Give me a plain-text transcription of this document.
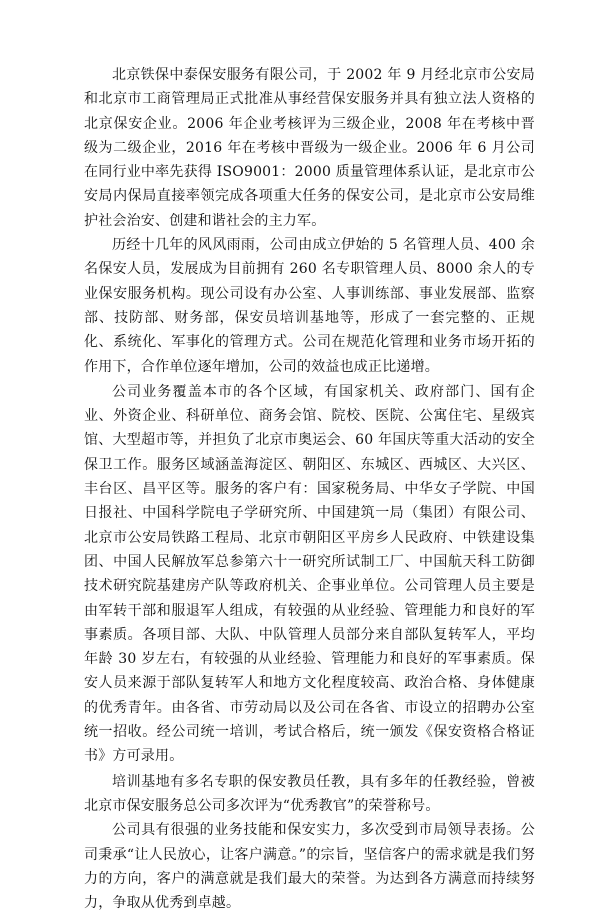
北京铁保中泰保安服务有限公司，于 2002 年 9 月经北京市公安局和北京市工商管理局正式批准从事经营保安服务并具有独立法人资格的北京保安企业。2006 年企业考核评为三级企业，2008 年在考核中晋级为二级企业，2016 年在考核中晋级为一级企业。2006 年 6 月公司在同行业中率先获得 ISO9001：2000 质量管理体系认证，是北京市公安局内保局直接率领完成各项重大任务的保安公司，是北京市公安局维护社会治安、创建和谐社会的主力军。

历经十几年的风风雨雨，公司由成立伊始的 5 名管理人员、400 余名保安人员，发展成为目前拥有 260 名专职管理人员、8000 余人的专业保安服务机构。现公司设有办公室、人事训练部、事业发展部、监察部、技防部、财务部，保安员培训基地等，形成了一套完整的、正规化、系统化、军事化的管理方式。公司在规范化管理和业务市场开拓的作用下，合作单位逐年增加，公司的效益也成正比递增。

公司业务覆盖本市的各个区域，有国家机关、政府部门、国有企业、外资企业、科研单位、商务会馆、院校、医院、公寓住宅、星级宾馆、大型超市等，并担负了北京市奥运会、60 年国庆等重大活动的安全保卫工作。服务区域涵盖海淀区、朝阳区、东城区、西城区、大兴区、丰台区、昌平区等。服务的客户有：国家税务局、中华女子学院、中国日报社、中国科学院电子学研究所、中国建筑一局（集团）有限公司、北京市公安局铁路工程局、北京市朝阳区平房乡人民政府、中铁建设集团、中国人民解放军总参第六十一研究所试制工厂、中国航天科工防御技术研究院基建房产队等政府机关、企事业单位。公司管理人员主要是由军转干部和服退军人组成，有较强的从业经验、管理能力和良好的军事素质。各项目部、大队、中队管理人员部分来自部队复转军人，平均年龄 30 岁左右，有较强的从业经验、管理能力和良好的军事素质。保安人员来源于部队复转军人和地方文化程度较高、政治合格、身体健康的优秀青年。由各省、市劳动局以及公司在各省、市设立的招聘办公室统一招收。经公司统一培训，考试合格后，统一颁发《保安资格合格证书》方可录用。

培训基地有多名专职的保安教员任教，具有多年的任教经验，曾被北京市保安服务总公司多次评为“优秀教官”的荣誉称号。

公司具有很强的业务技能和保安实力，多次受到市局领导表扬。公司秉承“让人民放心，让客户满意。”的宗旨，坚信客户的需求就是我们努力的方向，客户的满意就是我们最大的荣誉。为达到各方满意而持续努力，争取从优秀到卓越。
